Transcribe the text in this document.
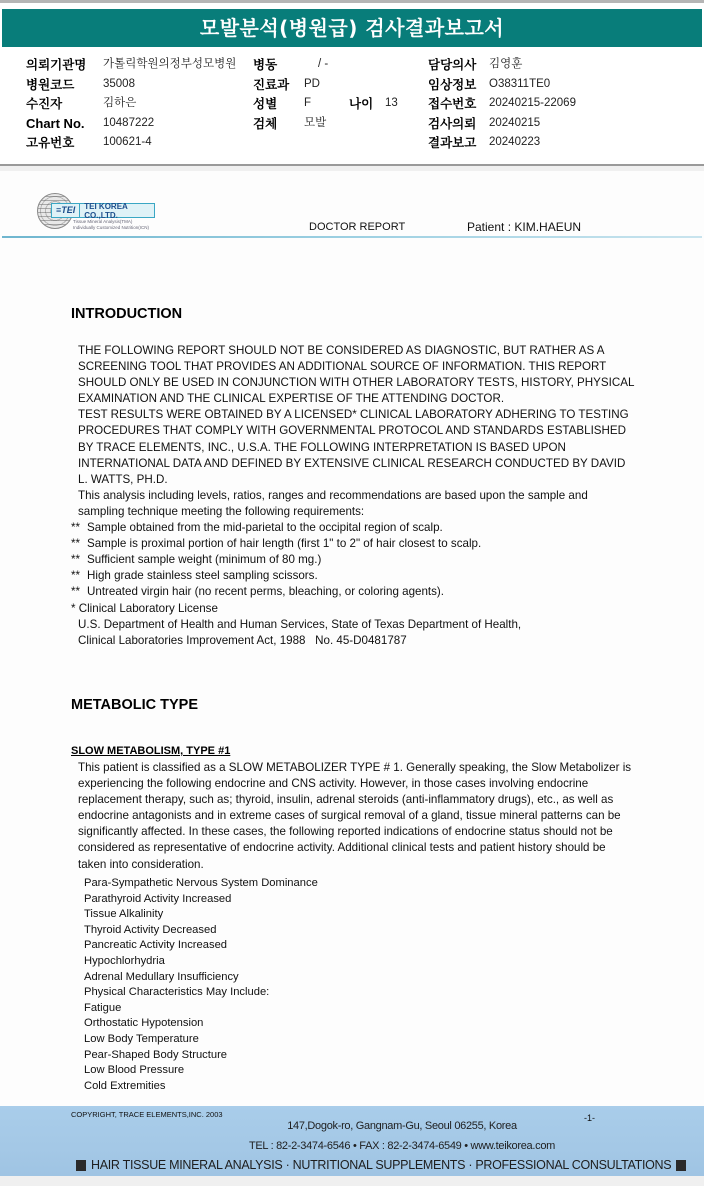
모발분석(병원급) 검사결과보고서
의뢰기관명	가톨릭학원의정부성모병원
병원코드	35008
수진자	김하은
Chart No.	10487222
고유번호	100621-4
병동	/ -
진료과	PD
성별	F
검체	모발
나이	13
담당의사	김영훈
임상정보	O38311TE0
접수번호	20240215-22069
검사의뢰	20240215
결과보고	20240223
≡TEI	TEI KOREA CO.,LTD.
Tissue Mineral Analysis(TMA)
Individually Customized Nutrition(ICN)	DOCTOR REPORT	Patient : KIM.HAEUN
INTRODUCTION
THE FOLLOWING REPORT SHOULD NOT BE CONSIDERED AS DIAGNOSTIC, BUT RATHER AS A SCREENING TOOL THAT PROVIDES AN ADDITIONAL SOURCE OF INFORMATION. THIS REPORT SHOULD ONLY BE USED IN CONJUNCTION WITH OTHER LABORATORY TESTS, HISTORY, PHYSICAL EXAMINATION AND THE CLINICAL EXPERTISE OF THE ATTENDING DOCTOR.
TEST RESULTS WERE OBTAINED BY A LICENSED* CLINICAL LABORATORY ADHERING TO TESTING PROCEDURES THAT COMPLY WITH GOVERNMENTAL PROTOCOL AND STANDARDS ESTABLISHED BY TRACE ELEMENTS, INC., U.S.A. THE FOLLOWING INTERPRETATION IS BASED UPON INTERNATIONAL DATA AND DEFINED BY EXTENSIVE CLINICAL RESEARCH CONDUCTED BY DAVID L. WATTS, PH.D.
This analysis including levels, ratios, ranges and recommendations are based upon the sample and sampling technique meeting the following requirements:
** Sample obtained from the mid-parietal to the occipital region of scalp.
** Sample is proximal portion of hair length (first 1" to 2" of hair closest to scalp.
** Sufficient sample weight (minimum of 80 mg.)
** High grade stainless steel sampling scissors.
** Untreated virgin hair (no recent perms, bleaching, or coloring agents).
* Clinical Laboratory License
U.S. Department of Health and Human Services, State of Texas Department of Health,
Clinical Laboratories Improvement Act, 1988   No. 45-D0481787
METABOLIC TYPE
SLOW METABOLISM, TYPE #1
This patient is classified as a SLOW METABOLIZER TYPE # 1. Generally speaking, the Slow Metabolizer is experiencing the following endocrine and CNS activity. However, in those cases involving endocrine replacement therapy, such as; thyroid, insulin, adrenal steroids (anti-inflammatory drugs), etc., as well as endocrine antagonists and in extreme cases of surgical removal of a gland, tissue mineral patterns can be significantly affected. In these cases, the following reported indications of endocrine status should not be considered as representative of endocrine activity. Additional clinical tests and patient history should be taken into consideration.
Para-Sympathetic Nervous System Dominance
Parathyroid Activity Increased
Tissue Alkalinity
Thyroid Activity Decreased
Pancreatic Activity Increased
Hypochlorhydria
Adrenal Medullary Insufficiency
Physical Characteristics May Include:
Fatigue
Orthostatic Hypotension
Low Body Temperature
Pear-Shaped Body Structure
Low Blood Pressure
Cold Extremities
COPYRIGHT, TRACE ELEMENTS,INC. 2003	-1-
147,Dogok-ro, Gangnam-Gu, Seoul 06255, Korea
TEL : 82-2-3474-6546 • FAX : 82-2-3474-6549 • www.teikorea.com
HAIR TISSUE MINERAL ANALYSIS · NUTRITIONAL SUPPLEMENTS · PROFESSIONAL CONSULTATIONS
